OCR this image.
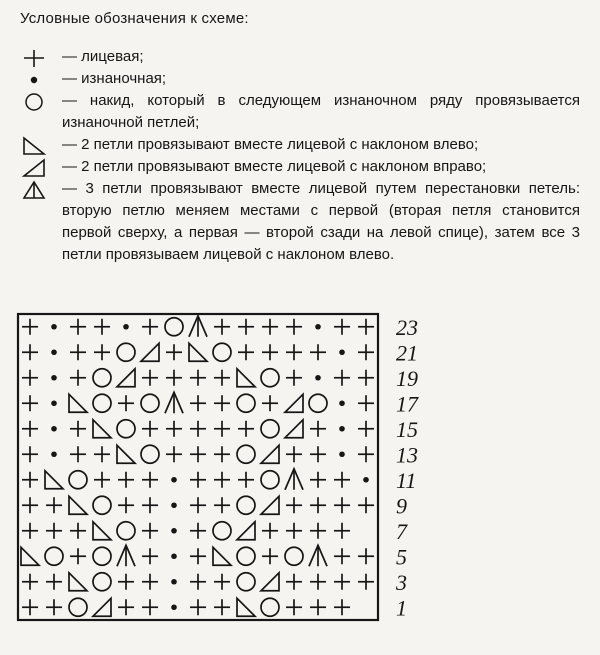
Условные обозначения к схеме:
— лицевая;
— изнаночная;
— накид, который в следующем изнаночном ряду провязывается изнаночной петлей;
— 2 петли провязывают вместе лицевой с наклоном влево;
— 2 петли провязывают вместе лицевой с наклоном вправо;
— 3 петли провязывают вместе лицевой путем перестановки петель: вторую петлю меняем местами с первой (вторая петля становится первой сверху, а первая — второй сзади на левой спице), затем все 3 петли провязываем лицевой с наклоном влево.
23
21
19
17
15
13
11
9
7
5
3
1
